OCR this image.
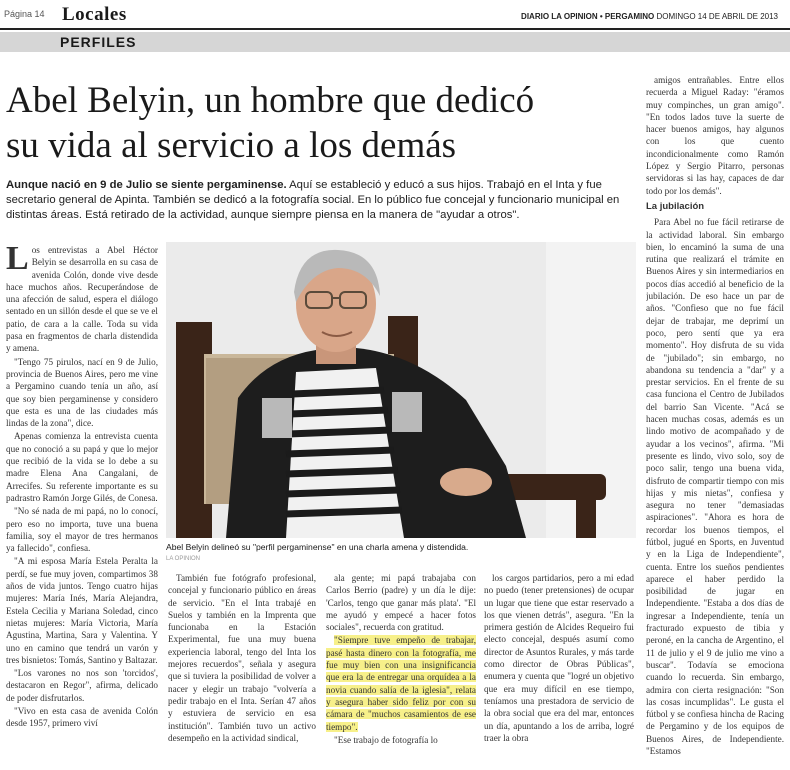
Página 14 Locales	DIARIO LA OPINION • PERGAMINO DOMINGO 14 DE ABRIL DE 2013
PERFILES
Abel Belyin, un hombre que dedicó
su vida al servicio a los demás
Aunque nació en 9 de Julio se siente pergaminense. Aquí se estableció y educó a sus hijos. Trabajó en el Inta y fue secretario general de Apinta. También se dedicó a la fotografía social. En lo público fue concejal y funcionario municipal en distintas áreas. Está retirado de la actividad, aunque siempre piensa en la manera de "ayudar a otros".
L os entrevistas a Abel Héctor Belyin se desarrolla en su casa de avenida Colón, donde vive desde hace muchos años. Recuperándose de una afección de salud, espera el diálogo sentado en un sillón desde el que se ve el patio, de cara a la calle. Toda su vida pasa en fragmentos de charla distendida y amena.

"Tengo 75 pirulos, nací en 9 de Julio, provincia de Buenos Aires, pero me vine a Pergamino cuando tenía un año, así que soy bien pergaminense y considero que esta es una de las ciudades más lindas de la zona", dice.

Apenas comienza la entrevista cuenta que no conoció a su papá y que lo mejor que recibió de la vida se lo debe a su madre Elena Ana Cangalani, de Arrecifes. Su referente importante es su padrastro Ramón Jorge Gilés, de Conesa.

"No sé nada de mi papá, no lo conocí, pero eso no importa, tuve una buena familia, soy el mayor de tres hermanos ya fallecido", confiesa.

"A mi esposa María Estela Peralta la perdí, se fue muy joven, compartimos 38 años de vida juntos. Tengo cuatro hijas mujeres: María Inés, María Alejandra, Estela Cecilia y Mariana Soledad, cinco nietas mujeres: María Victoria, María Agustina, Martina, Sara y Valentina. Y uno en camino que tendrá un varón y tres bisnietos: Tomás, Santino y Baltazar.

"Los varones no nos son 'torcidos', destacaron en Regor", afirma, delicado de poder disfrutarlos.

"Vivo en esta casa de avenida Colón desde 1957, primero viví

Abel Belyin delineó su "perfil pergaminense" en una charla amena y distendida.
LA OPINION

También fue fotógrafo profesional, concejal y funcionario público en áreas de servicio. "En el Inta trabajé en Suelos y también en la Imprenta que funcionaba en la Estación Experimental, fue una muy buena experiencia laboral, tengo del Inta los mejores recuerdos", señala y asegura que si tuviera la posibilidad de volver a nacer y elegir un trabajo "volvería a pedir trabajo en el Inta. Serían 47 años y estuviera de servicio en esa institución". También tuvo un activo desempeño en la actividad sindical,

ala gente; mi papá trabajaba con Carlos Berrio (padre) y un día le dije: 'Carlos, tengo que ganar más plata'. "El me ayudó y empecé a hacer fotos sociales", recuerda con gratitud.

"Siempre tuve empeño de trabajar, pasé hasta dinero con la fotografía, me fue muy bien con una insignificancia que era la de entregar una orquídea a la novia cuando salía de la iglesia", relata y asegura haber sido feliz por con su cámara de "muchos casamientos de ese tiempo".

"Ese trabajo de fotografía lo

los cargos partidarios, pero a mi edad no puedo (tener pretensiones) de ocupar un lugar que tiene que estar reservado a los que vienen detrás", asegura. "En la primera gestión de Alcides Requeiro fui electo concejal, después asumí como director de Asuntos Rurales, y más tarde como director de Obras Públicas", enumera y cuenta que "logré un objetivo que era muy difícil en ese tiempo, teníamos una prestadora de servicio de la obra social que era del mar, entonces un día, apuntando a los de arriba, logré traer la obra

amigos entrañables. Entre ellos recuerda a Miguel Raday: "éramos muy compinches, un gran amigo". "En todos lados tuve la suerte de hacer buenos amigos, hay algunos con los que cuento incondicionalmente como Ramón López y Sergio Pitarro, personas servidoras si las hay, capaces de dar todo por los demás".

La jubilación

Para Abel no fue fácil retirarse de la actividad laboral. Sin embargo bien, lo encaminó la suma de una rutina que realizará el trámite en Buenos Aires y sin intermediarios en pocos días accedió al beneficio de la jubilación. De eso hace un par de años. "Confieso que no fue fácil dejar de trabajar, me deprimí un poco, pero sentí que ya era momento". Hoy disfruta de su vida de "jubilado"; sin embargo, no abandona su tendencia a "dar" y a prestar servicios. En el frente de su casa funciona el Centro de Jubilados del barrio San Vicente. "Acá se hacen muchas cosas, además es un lindo motivo de acompañado y de ayudar a los vecinos", afirma. "Mi presente es lindo, vivo solo, soy de poco salir, tengo una buena vida, disfruto de compartir tiempo con mis hijas y mis nietas", confiesa y asegura no tener "demasiadas aspiraciones". "Ahora es hora de recordar los buenos tiempos, el fútbol, jugué en Sports, en Juventud y en la Liga de Independiente", cuenta. Entre los sueños pendientes aparece el haber perdido la posibilidad de jugar en Independiente. "Estaba a dos días de ingresar a Independiente, tenía un fracturado expuesto de tibia y peroné, en la cancha de Argentino, el 11 de julio y el 9 de julio me vino a buscar". Todavía se emociona cuando lo recuerda. Sin embargo, admira con cierta resignación: "Son las cosas incumplidas". Le gusta el fútbol y se confiesa hincha de Racing de Pergamino y de los equipos de Buenos Aires, de Independiente. "Estamos
